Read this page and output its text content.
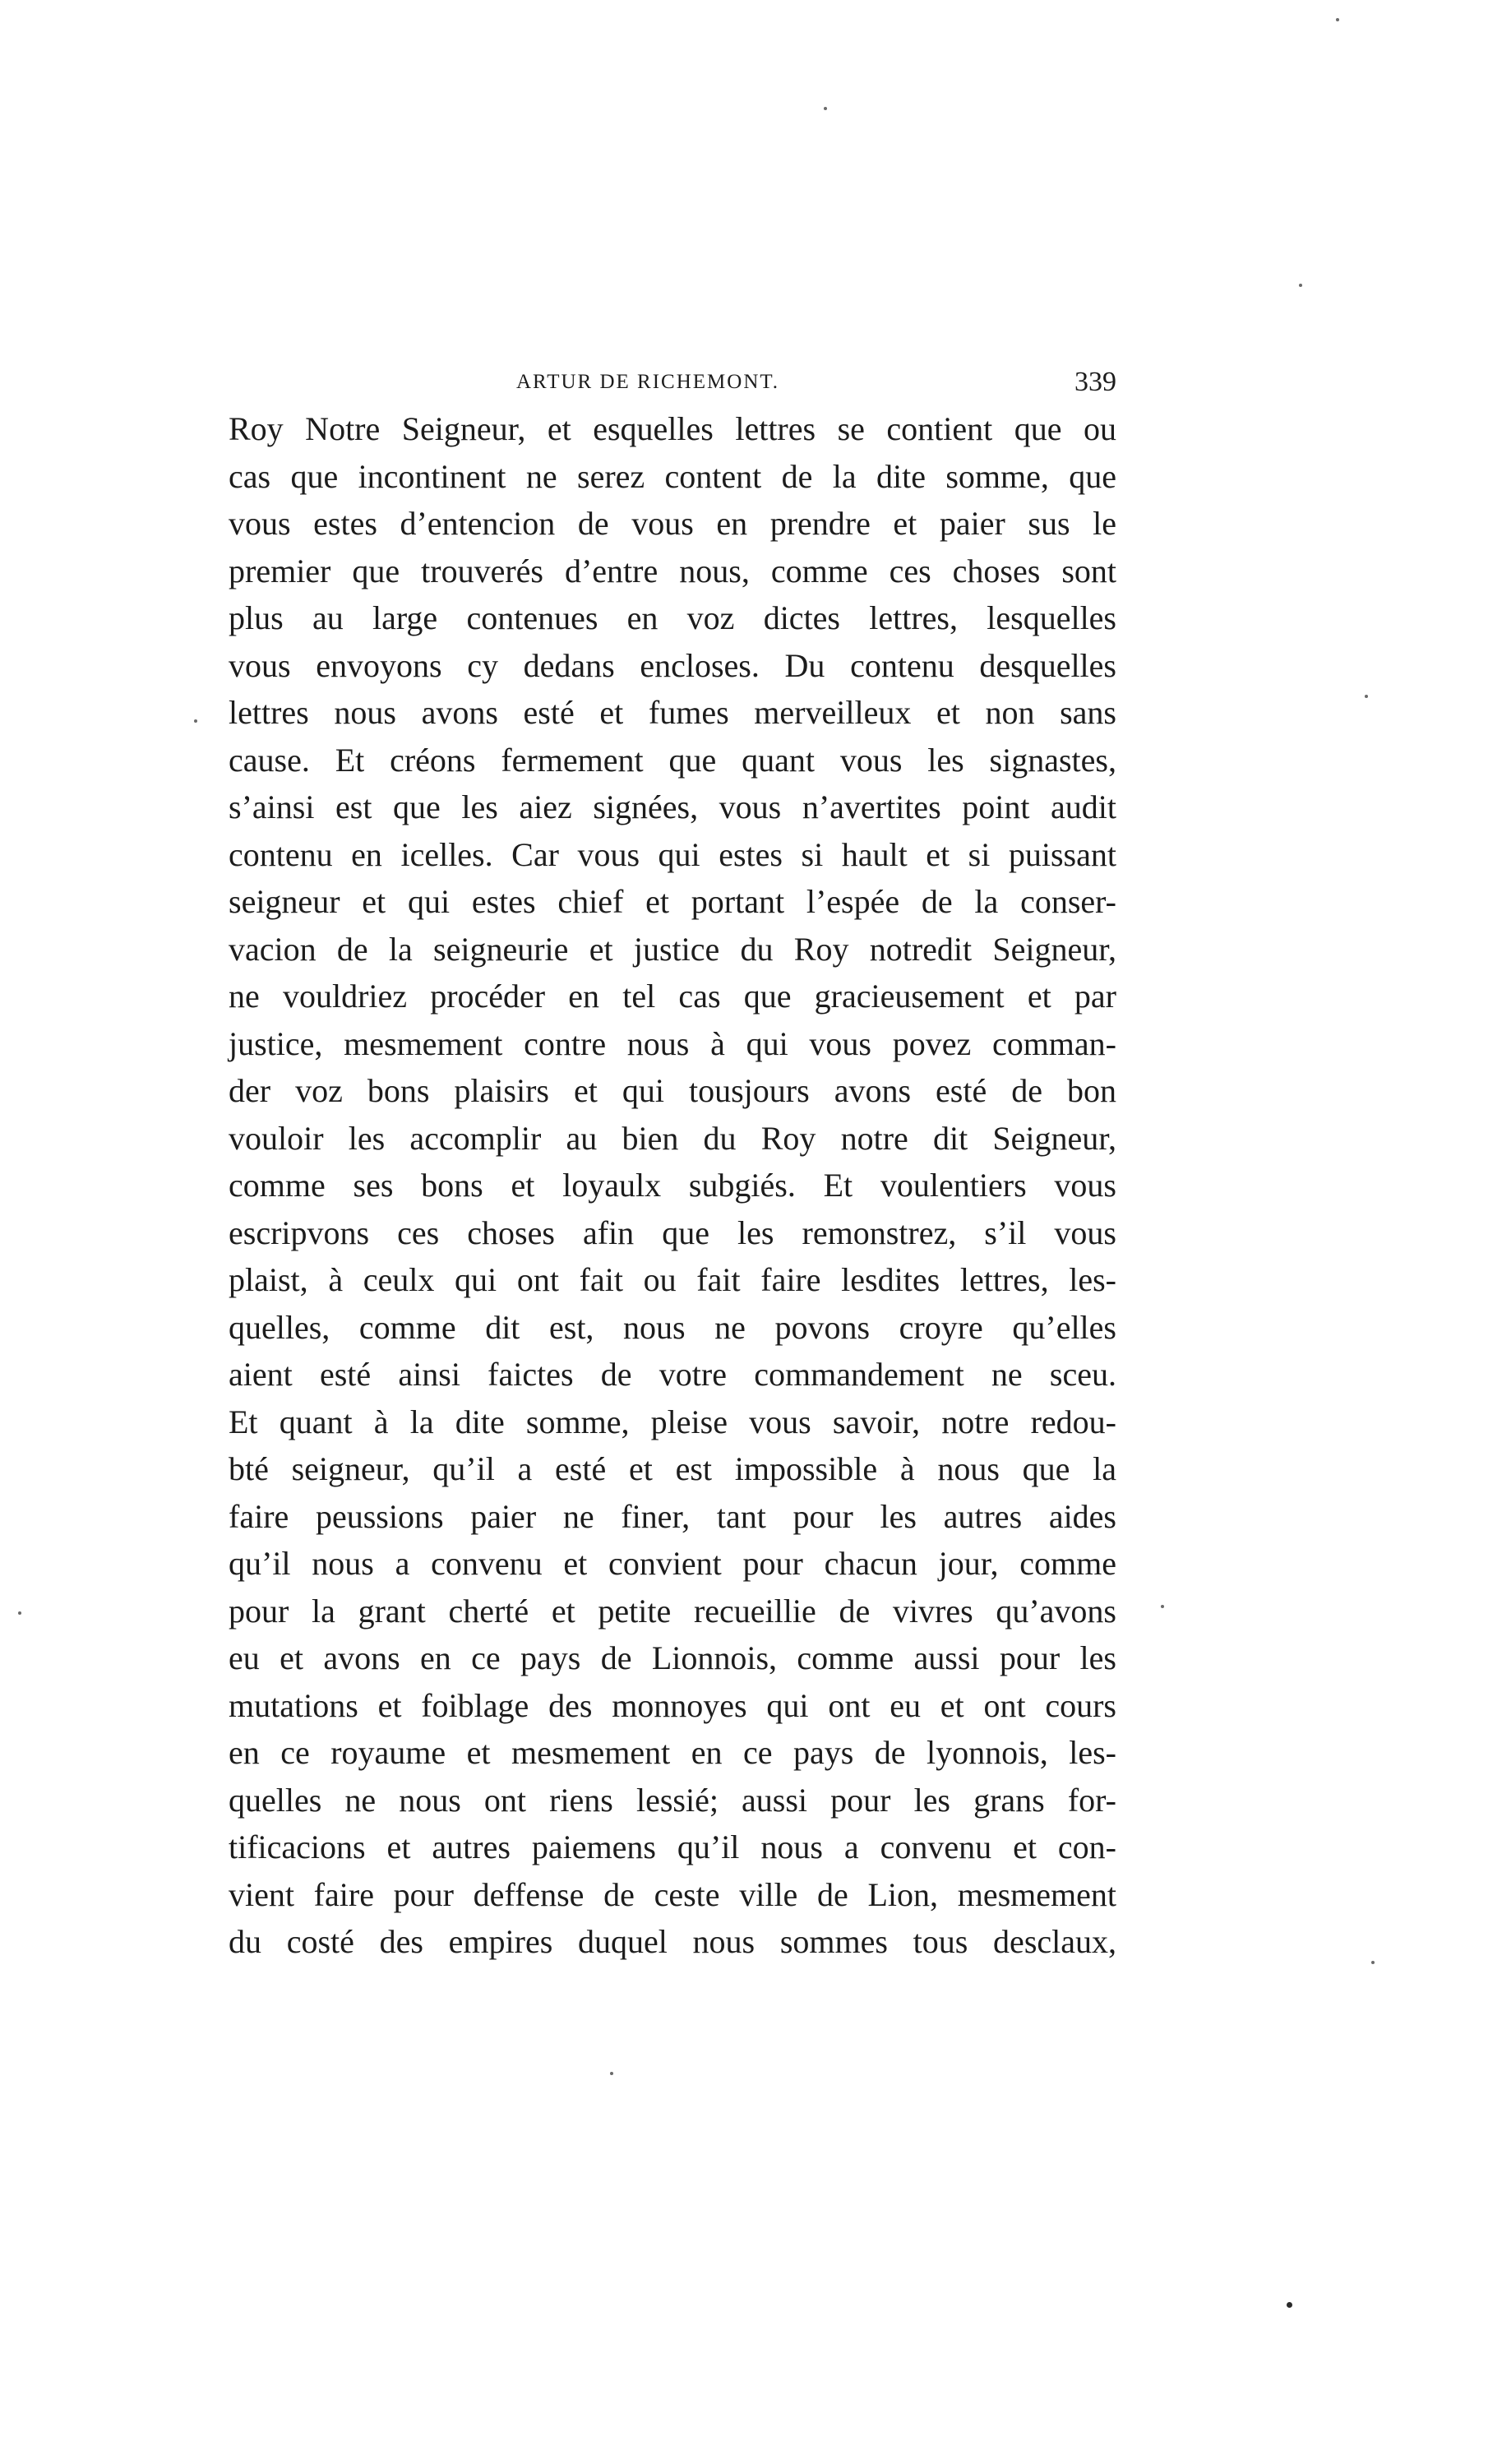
ARTUR DE RICHEMONT.	339
Roy Notre Seigneur, et esquelles lettres se contient que ou
cas que incontinent ne serez content de la dite somme, que
vous estes d’entencion de vous en prendre et paier sus le
premier que trouverés d’entre nous, comme ces choses sont
plus au large contenues en voz dictes lettres, lesquelles
vous envoyons cy dedans encloses. Du contenu desquelles
lettres nous avons esté et fumes merveilleux et non sans
cause. Et créons fermement que quant vous les signastes,
s’ainsi est que les aiez signées, vous n’avertites point audit
contenu en icelles. Car vous qui estes si hault et si puissant
seigneur et qui estes chief et portant l’espée de la conser-
vacion de la seigneurie et justice du Roy notredit Seigneur,
ne vouldriez procéder en tel cas que gracieusement et par
justice, mesmement contre nous à qui vous povez comman-
der voz bons plaisirs et qui tousjours avons esté de bon
vouloir les accomplir au bien du Roy notre dit Seigneur,
comme ses bons et loyaulx subgiés. Et voulentiers vous
escripvons ces choses afin que les remonstrez, s’il vous
plaist, à ceulx qui ont fait ou fait faire lesdites lettres, les-
quelles, comme dit est, nous ne povons croyre qu’elles
aient esté ainsi faictes de votre commandement ne sceu.
Et quant à la dite somme, pleise vous savoir, notre redou-
bté seigneur, qu’il a esté et est impossible à nous que la
faire peussions paier ne finer, tant pour les autres aides
qu’il nous a convenu et convient pour chacun jour, comme
pour la grant cherté et petite recueillie de vivres qu’avons
eu et avons en ce pays de Lionnois, comme aussi pour les
mutations et foiblage des monnoyes qui ont eu et ont cours
en ce royaume et mesmement en ce pays de lyonnois, les-
quelles ne nous ont riens lessié; aussi pour les grans for-
tificacions et autres paiemens qu’il nous a convenu et con-
vient faire pour deffense de ceste ville de Lion, mesmement
du costé des empires duquel nous sommes tous desclaux,
